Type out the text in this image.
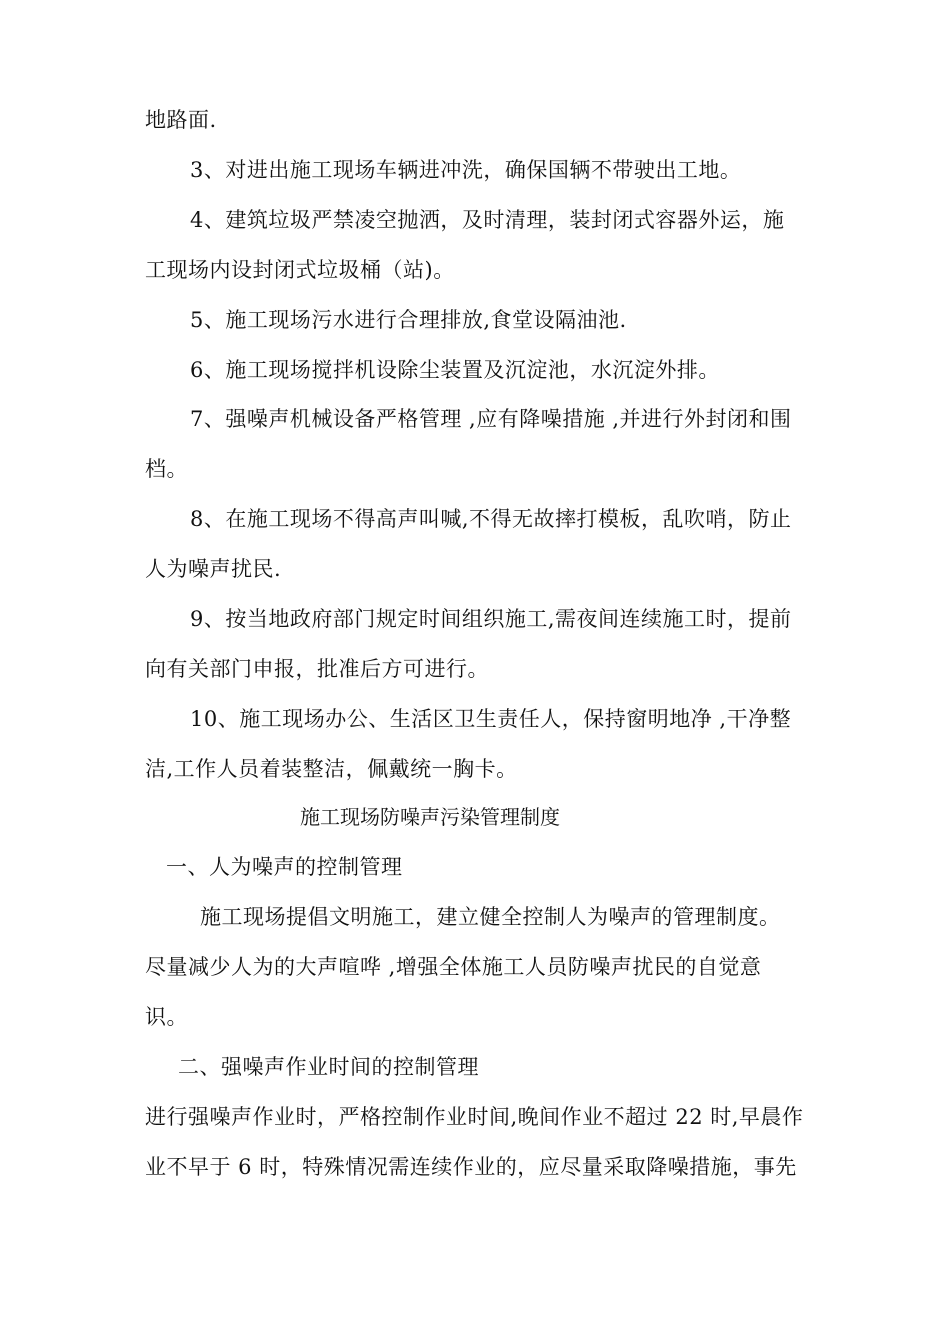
地路面.
3、对进出施工现场车辆进冲洗，确保国辆不带驶出工地。
4、建筑垃圾严禁凌空抛洒，及时清理，装封闭式容器外运，施
工现场内设封闭式垃圾桶（站)。
5、施工现场污水进行合理排放,食堂设隔油池.
6、施工现场搅拌机设除尘装置及沉淀池，水沉淀外排。
7、强噪声机械设备严格管理 ,应有降噪措施 ,并进行外封闭和围
档。
8、在施工现场不得高声叫喊,不得无故摔打模板，乱吹哨，防止
人为噪声扰民.
9、按当地政府部门规定时间组织施工,需夜间连续施工时，提前
向有关部门申报，批准后方可进行。
10、施工现场办公、生活区卫生责任人，保持窗明地净 ,干净整
洁,工作人员着装整洁，佩戴统一胸卡。
施工现场防噪声污染管理制度
一、人为噪声的控制管理
施工现场提倡文明施工，建立健全控制人为噪声的管理制度。
尽量减少人为的大声喧哗 ,增强全体施工人员防噪声扰民的自觉意
识。
二、强噪声作业时间的控制管理
进行强噪声作业时，严格控制作业时间,晚间作业不超过 22 时,早晨作
业不早于 6 时，特殊情况需连续作业的，应尽量采取降噪措施，事先
